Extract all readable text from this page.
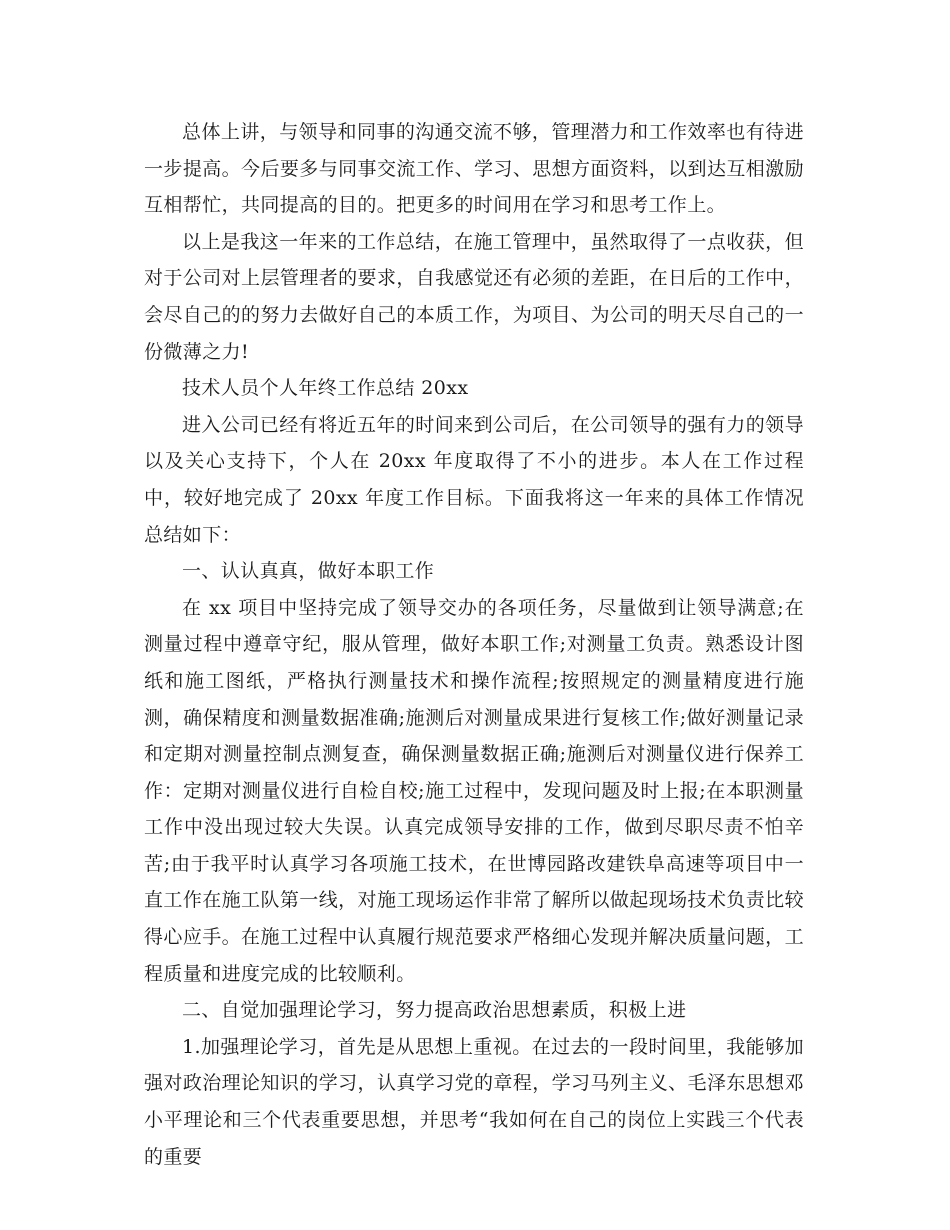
总体上讲，与领导和同事的沟通交流不够，管理潜力和工作效率也有待进一步提高。今后要多与同事交流工作、学习、思想方面资料，以到达互相激励互相帮忙，共同提高的目的。把更多的时间用在学习和思考工作上。

以上是我这一年来的工作总结，在施工管理中，虽然取得了一点收获，但对于公司对上层管理者的要求，自我感觉还有必须的差距，在日后的工作中，会尽自己的的努力去做好自己的本质工作，为项目、为公司的明天尽自己的一份微薄之力!

技术人员个人年终工作总结 20xx

进入公司已经有将近五年的时间来到公司后，在公司领导的强有力的领导以及关心支持下，个人在 20xx 年度取得了不小的进步。本人在工作过程中，较好地完成了 20xx 年度工作目标。下面我将这一年来的具体工作情况总结如下：

一、认认真真，做好本职工作

在 xx 项目中坚持完成了领导交办的各项任务，尽量做到让领导满意;在测量过程中遵章守纪，服从管理，做好本职工作;对测量工负责。熟悉设计图纸和施工图纸，严格执行测量技术和操作流程;按照规定的测量精度进行施测，确保精度和测量数据准确;施测后对测量成果进行复核工作;做好测量记录和定期对测量控制点测复查，确保测量数据正确;施测后对测量仪进行保养工作：定期对测量仪进行自检自校;施工过程中，发现问题及时上报;在本职测量工作中没出现过较大失误。认真完成领导安排的工作，做到尽职尽责不怕辛苦;由于我平时认真学习各项施工技术，在世博园路改建铁阜高速等项目中一直工作在施工队第一线，对施工现场运作非常了解所以做起现场技术负责比较得心应手。在施工过程中认真履行规范要求严格细心发现并解决质量问题，工程质量和进度完成的比较顺利。

二、自觉加强理论学习，努力提高政治思想素质，积极上进

1.加强理论学习，首先是从思想上重视。在过去的一段时间里，我能够加强对政治理论知识的学习，认真学习党的章程，学习马列主义、毛泽东思想邓小平理论和三个代表重要思想，并思考“我如何在自己的岗位上实践三个代表的重要
